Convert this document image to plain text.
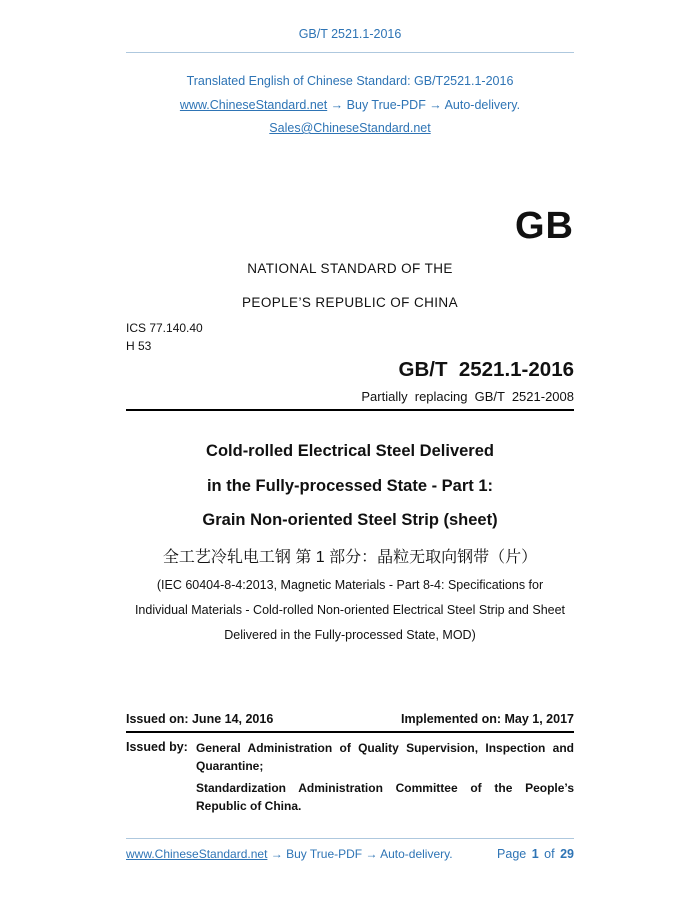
GB/T 2521.1-2016
Translated English of Chinese Standard: GB/T2521.1-2016
www.ChineseStandard.net → Buy True-PDF → Auto-delivery.
Sales@ChineseStandard.net
GB
NATIONAL STANDARD OF THE
PEOPLE’S REPUBLIC OF CHINA
ICS 77.140.40
H 53
GB/T  2521.1-2016
Partially replacing GB/T 2521-2008
Cold-rolled Electrical Steel Delivered
in the Fully-processed State - Part 1:
Grain Non-oriented Steel Strip (sheet)
全工艺冷轧电工钢 第 1 部分：晶粒无取向钢带（片）
(IEC 60404-8-4:2013, Magnetic Materials - Part 8-4: Specifications for
Individual Materials - Cold-rolled Non-oriented Electrical Steel Strip and Sheet
Delivered in the Fully-processed State, MOD)
Issued on: June 14, 2016	Implemented on: May 1, 2017
Issued by: General Administration of Quality Supervision, Inspection and
Quarantine;
Standardization Administration Committee of the People’s
Republic of China.
www.ChineseStandard.net → Buy True-PDF → Auto-delivery.	Page 1 of 29
